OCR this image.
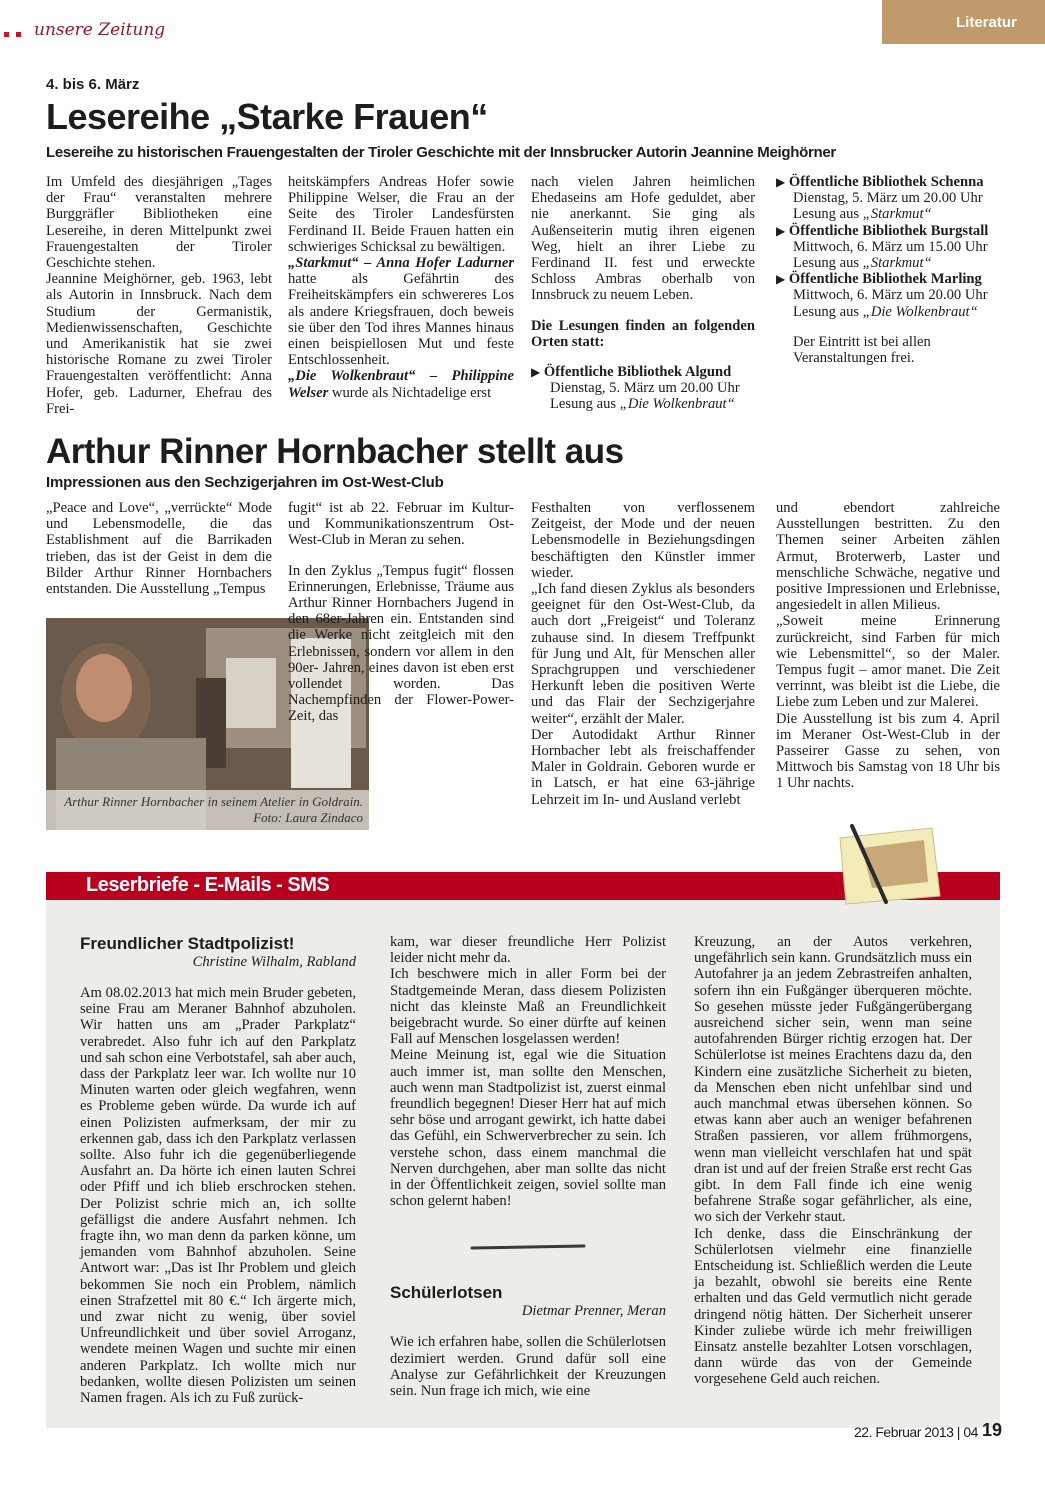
unsere Zeitung	Literatur
4. bis 6. März
Lesereihe „Starke Frauen“
Lesereihe zu historischen Frauengestalten der Tiroler Geschichte mit der Innsbrucker Autorin Jeannine Meighörner

Im Umfeld des diesjährigen „Tages der Frau“ veranstalten mehrere Burggräfler Bibliotheken eine Lesereihe, in deren Mittelpunkt zwei Frauengestalten der Tiroler Geschichte stehen.

Jeannine Meighörner, geb. 1963, lebt als Autorin in Innsbruck. Nach dem Studium der Germanistik, Medienwissenschaften, Geschichte und Amerikanistik hat sie zwei historische Romane zu zwei Tiroler Frauengestalten veröffentlicht: Anna Hofer, geb. Ladurner, Ehefrau des Frei-

heitskämpfers Andreas Hofer sowie Philippine Welser, die Frau an der Seite des Tiroler Landesfürsten Ferdinand II. Beide Frauen hatten ein schwieriges Schicksal zu bewältigen.

„Starkmut“ – Anna Hofer Ladurner hatte als Gefährtin des Freiheitskämpfers ein schwereres Los als andere Kriegsfrauen, doch beweis sie über den Tod ihres Mannes hinaus einen beispiellosen Mut und feste Entschlossenheit.

„Die Wolkenbraut“ – Philippine Welser wurde als Nichtadelige erst

nach vielen Jahren heimlichen Ehedaseins am Hofe geduldet, aber nie anerkannt. Sie ging als Außenseiterin mutig ihren eigenen Weg, hielt an ihrer Liebe zu Ferdinand II. fest und erweckte Schloss Ambras oberhalb von Innsbruck zu neuem Leben.

Die Lesungen finden an folgenden Orten statt:

▶ Öffentliche Bibliothek Algund
Dienstag, 5. März um 20.00 Uhr
Lesung aus „Die Wolkenbraut“
▶ Öffentliche Bibliothek Schenna
Dienstag, 5. März um 20.00 Uhr
Lesung aus „Starkmut“
▶ Öffentliche Bibliothek Burgstall
Mittwoch, 6. März um 15.00 Uhr
Lesung aus „Starkmut“
▶ Öffentliche Bibliothek Marling
Mittwoch, 6. März um 20.00 Uhr
Lesung aus „Die Wolkenbraut“

Der Eintritt ist bei allen Veranstaltungen frei.

Arthur Rinner Hornbacher stellt aus
Impressionen aus den Sechzigerjahren im Ost-West-Club

„Peace and Love“, „verrückte“ Mode und Lebensmodelle, die das Establishment auf die Barrikaden trieben, das ist der Geist in dem die Bilder Arthur Rinner Hornbachers entstanden. Die Ausstellung „Tempus

Arthur Rinner Hornbacher in seinem Atelier in Goldrain. Foto: Laura Zindaco

fugit“ ist ab 22. Februar im Kultur- und Kommunikationszentrum Ost-West-Club in Meran zu sehen.

In den Zyklus „Tempus fugit“ flossen Erinnerungen, Erlebnisse, Träume aus Arthur Rinner Hornbachers Jugend in den 68er-Jahren ein. Entstanden sind die Werke nicht zeitgleich mit den Erlebnissen, sondern vor allem in den 90er- Jahren, eines davon ist eben erst vollendet worden. Das Nachempfinden der Flower-Power-Zeit, das

Festhalten von verflossenem Zeitgeist, der Mode und der neuen Lebensmodelle in Beziehungsdingen beschäftigten den Künstler immer wieder.
„Ich fand diesen Zyklus als besonders geeignet für den Ost-West-Club, da auch dort „Freigeist“ und Toleranz zuhause sind. In diesem Treffpunkt für Jung und Alt, für Menschen aller Sprachgruppen und verschiedener Herkunft leben die positiven Werte und das Flair der Sechzigerjahre weiter“, erzählt der Maler.
Der Autodidakt Arthur Rinner Hornbacher lebt als freischaffender Maler in Goldrain. Geboren wurde er in Latsch, er hat eine 63-jährige Lehrzeit im In- und Ausland verlebt
und ebendort zahlreiche Ausstellungen bestritten. Zu den Themen seiner Arbeiten zählen Armut, Broterwerb, Laster und menschliche Schwäche, negative und positive Impressionen und Erlebnisse, angesiedelt in allen Milieus.
„Soweit meine Erinnerung zurückreicht, sind Farben für mich wie Lebensmittel“, so der Maler. Tempus fugit – amor manet. Die Zeit verrinnt, was bleibt ist die Liebe, die Liebe zum Leben und zur Malerei.
Die Ausstellung ist bis zum 4. April im Meraner Ost-West-Club in der Passeirer Gasse zu sehen, von Mittwoch bis Samstag von 18 Uhr bis 1 Uhr nachts.
Leserbriefe - E-Mails - SMS
Freundlicher Stadtpolizist!
Christine Wilhalm, Rabland
Am 08.02.2013 hat mich mein Bruder gebeten, seine Frau am Meraner Bahnhof abzuholen. Wir hatten uns am „Prader Parkplatz“ verabredet. Also fuhr ich auf den Parkplatz und sah schon eine Verbotstafel, sah aber auch, dass der Parkplatz leer war. Ich wollte nur 10 Minuten warten oder gleich wegfahren, wenn es Probleme geben würde. Da wurde ich auf einen Polizisten aufmerksam, der mir zu erkennen gab, dass ich den Parkplatz verlassen sollte. Also fuhr ich die gegenüberliegende Ausfahrt an. Da hörte ich einen lauten Schrei oder Pfiff und ich blieb erschrocken stehen. Der Polizist schrie mich an, ich sollte gefälligst die andere Ausfahrt nehmen. Ich fragte ihn, wo man denn da parken könne, um jemanden vom Bahnhof abzuholen. Seine Antwort war: „Das ist Ihr Problem und gleich bekommen Sie noch ein Problem, nämlich einen Strafzettel mit 80 €.“ Ich ärgerte mich, und zwar nicht zu wenig, über soviel Unfreundlichkeit und über soviel Arroganz, wendete meinen Wagen und suchte mir einen anderen Parkplatz. Ich wollte mich nur bedanken, wollte diesen Polizisten um seinen Namen fragen. Als ich zu Fuß zurück-
kam, war dieser freundliche Herr Polizist leider nicht mehr da.
Ich beschwere mich in aller Form bei der Stadtgemeinde Meran, dass diesem Polizisten nicht das kleinste Maß an Freundlichkeit beigebracht wurde. So einer dürfte auf keinen Fall auf Menschen losgelassen werden!
Meine Meinung ist, egal wie die Situation auch immer ist, man sollte den Menschen, auch wenn man Stadtpolizist ist, zuerst einmal freundlich begegnen! Dieser Herr hat auf mich sehr böse und arrogant gewirkt, ich hatte dabei das Gefühl, ein Schwerverbrecher zu sein. Ich verstehe schon, dass einem manchmal die Nerven durchgehen, aber man sollte das nicht in der Öffentlichkeit zeigen, soviel sollte man schon gelernt haben!
Schülerlotsen
Dietmar Prenner, Meran
Wie ich erfahren habe, sollen die Schülerlotsen dezimiert werden. Grund dafür soll eine Analyse zur Gefährlichkeit der Kreuzungen sein. Nun frage ich mich, wie eine
Kreuzung, an der Autos verkehren, ungefährlich sein kann. Grundsätzlich muss ein Autofahrer ja an jedem Zebrastreifen anhalten, sofern ihn ein Fußgänger überqueren möchte. So gesehen müsste jeder Fußgängerübergang ausreichend sicher sein, wenn man seine autofahrenden Bürger richtig erzogen hat. Der Schülerlotse ist meines Erachtens dazu da, den Kindern eine zusätzliche Sicherheit zu bieten, da Menschen eben nicht unfehlbar sind und auch manchmal etwas übersehen können. So etwas kann aber auch an weniger befahrenen Straßen passieren, vor allem frühmorgens, wenn man vielleicht verschlafen hat und spät dran ist und auf der freien Straße erst recht Gas gibt. In dem Fall finde ich eine wenig befahrene Straße sogar gefährlicher, als eine, wo sich der Verkehr staut.
Ich denke, dass die Einschränkung der Schülerlotsen vielmehr eine finanzielle Entscheidung ist. Schließlich werden die Leute ja bezahlt, obwohl sie bereits eine Rente erhalten und das Geld vermutlich nicht gerade dringend nötig hätten. Der Sicherheit unserer Kinder zuliebe würde ich mehr freiwilligen Einsatz anstelle bezahlter Lotsen vorschlagen, dann würde das von der Gemeinde vorgesehene Geld auch reichen.
22. Februar 2013 | 04 19
